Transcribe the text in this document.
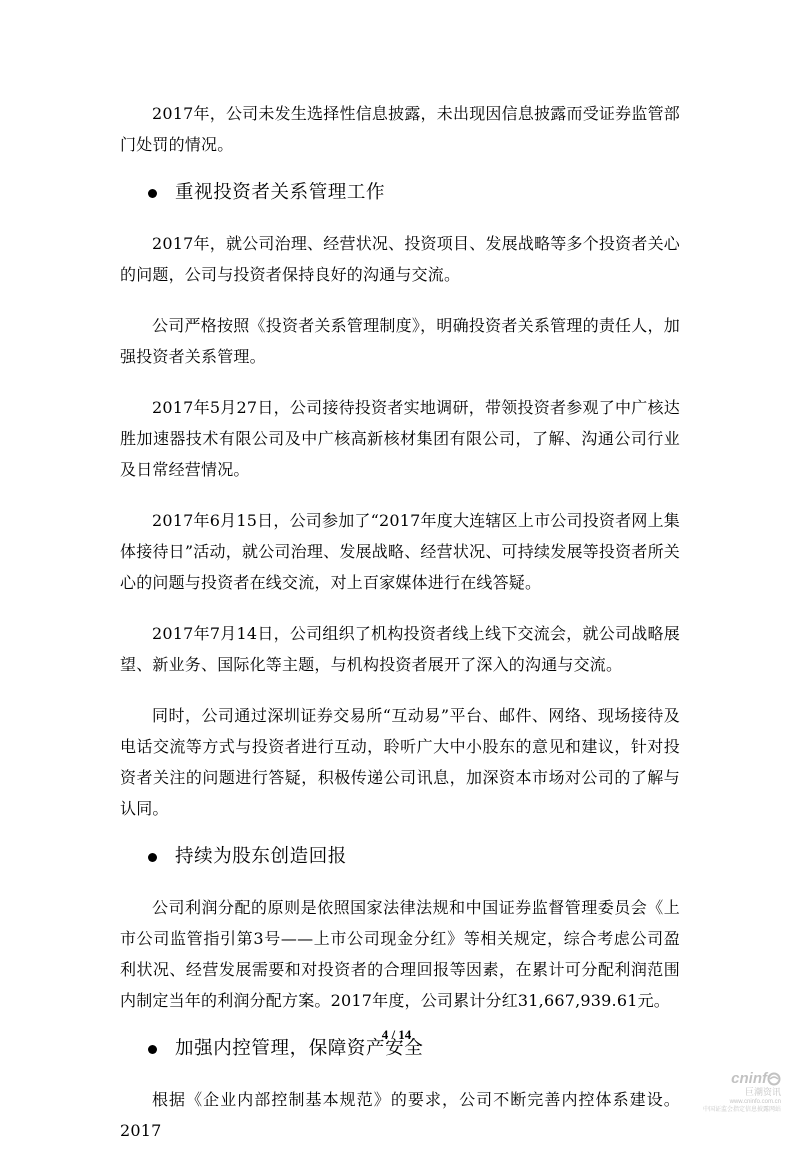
2017年，公司未发生选择性信息披露，未出现因信息披露而受证券监管部门处罚的情况。

重视投资者关系管理工作

2017年，就公司治理、经营状况、投资项目、发展战略等多个投资者关心的问题，公司与投资者保持良好的沟通与交流。

公司严格按照《投资者关系管理制度》，明确投资者关系管理的责任人，加强投资者关系管理。

2017年5月27日，公司接待投资者实地调研，带领投资者参观了中广核达胜加速器技术有限公司及中广核高新核材集团有限公司，了解、沟通公司行业及日常经营情况。

2017年6月15日，公司参加了“2017年度大连辖区上市公司投资者网上集体接待日”活动，就公司治理、发展战略、经营状况、可持续发展等投资者所关心的问题与投资者在线交流，对上百家媒体进行在线答疑。

2017年7月14日，公司组织了机构投资者线上线下交流会，就公司战略展望、新业务、国际化等主题，与机构投资者展开了深入的沟通与交流。

同时，公司通过深圳证券交易所“互动易”平台、邮件、网络、现场接待及电话交流等方式与投资者进行互动，聆听广大中小股东的意见和建议，针对投资者关注的问题进行答疑，积极传递公司讯息，加深资本市场对公司的了解与认同。

持续为股东创造回报

公司利润分配的原则是依照国家法律法规和中国证券监督管理委员会《上市公司监管指引第3号——上市公司现金分红》等相关规定，综合考虑公司盈利状况、经营发展需要和对投资者的合理回报等因素，在累计可分配利润范围内制定当年的利润分配方案。2017年度，公司累计分红31,667,939.61元。

加强内控管理，保障资产安全

根据《企业内部控制基本规范》的要求，公司不断完善内控体系建设。2017

4 / 14
cninf
巨潮资讯
www.cninfo.com.cn
中国证监会指定信息披露网站
